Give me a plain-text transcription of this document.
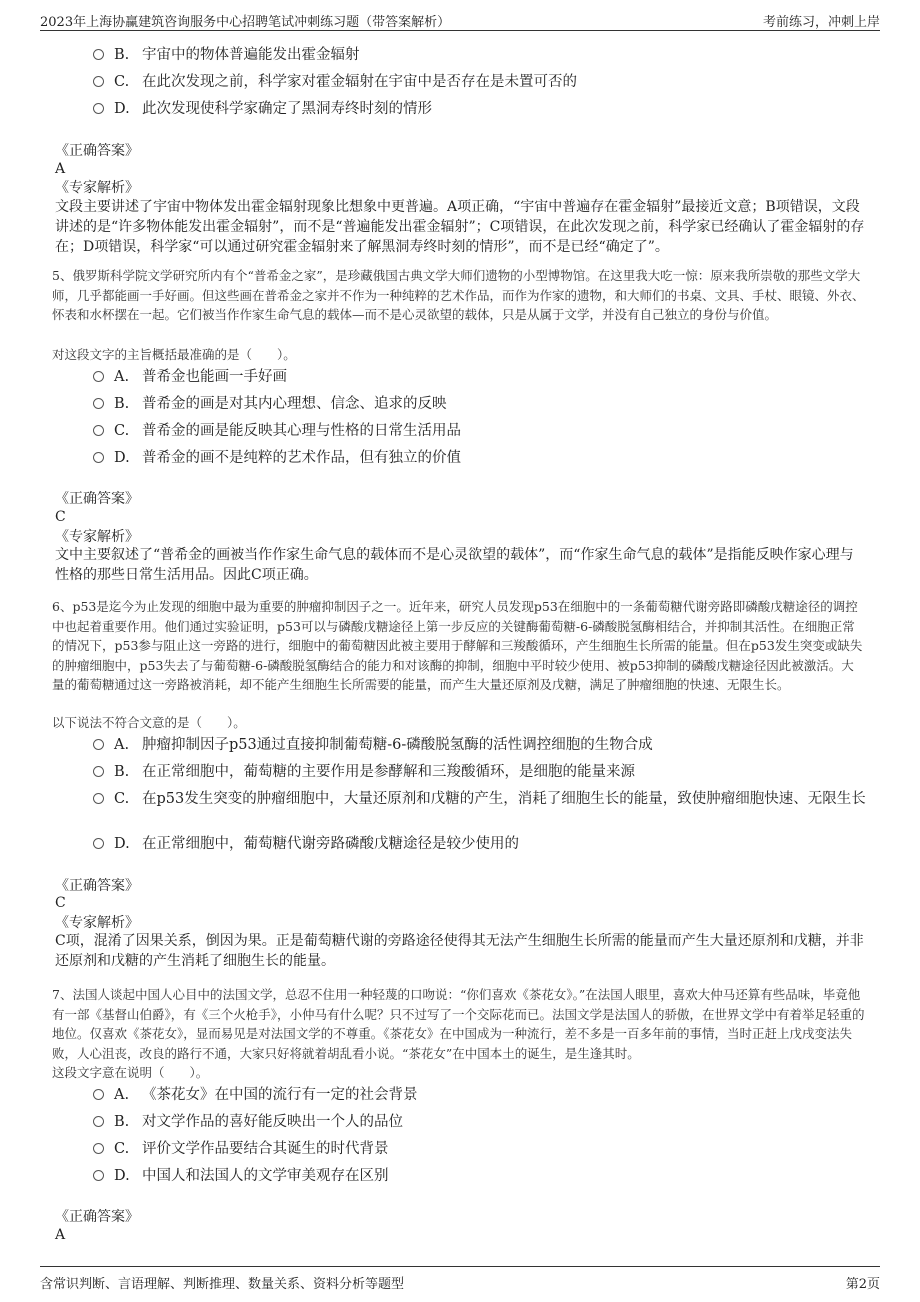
2023年上海协赢建筑咨询服务中心招聘笔试冲刺练习题（带答案解析）	考前练习，冲刺上岸
B. 宇宙中的物体普遍能发出霍金辐射
C. 在此次发现之前，科学家对霍金辐射在宇宙中是否存在是未置可否的
D. 此次发现使科学家确定了黑洞寿终时刻的情形
《正确答案》
A
《专家解析》
文段主要讲述了宇宙中物体发出霍金辐射现象比想象中更普遍。A项正确，“宇宙中普遍存在霍金辐射”最接近文意；B项错误，文段讲述的是“许多物体能发出霍金辐射”，而不是“普遍能发出霍金辐射”；C项错误，在此次发现之前，科学家已经确认了霍金辐射的存在；D项错误，科学家“可以通过研究霍金辐射来了解黑洞寿终时刻的情形”，而不是已经“确定了”。
5、俄罗斯科学院文学研究所内有个“普希金之家”，是珍藏俄国古典文学大师们遗物的小型博物馆。在这里我大吃一惊：原来我所崇敬的那些文学大师，几乎都能画一手好画。但这些画在普希金之家并不作为一种纯粹的艺术作品，而作为作家的遗物，和大师们的书桌、文具、手杖、眼镜、外衣、怀表和水杯摆在一起。它们被当作作家生命气息的载体—而不是心灵欲望的载体，只是从属于文学，并没有自己独立的身份与价值。
对这段文字的主旨概括最准确的是（　　）。
A. 普希金也能画一手好画
B. 普希金的画是对其内心理想、信念、追求的反映
C. 普希金的画是能反映其心理与性格的日常生活用品
D. 普希金的画不是纯粹的艺术作品，但有独立的价值
《正确答案》
C
《专家解析》
文中主要叙述了“普希金的画被当作作家生命气息的载体而不是心灵欲望的载体”，而“作家生命气息的载体”是指能反映作家心理与性格的那些日常生活用品。因此C项正确。
6、p53是迄今为止发现的细胞中最为重要的肿瘤抑制因子之一。近年来，研究人员发现p53在细胞中的一条葡萄糖代谢旁路即磷酸戊糖途径的调控中也起着重要作用。他们通过实验证明，p53可以与磷酸戊糖途径上第一步反应的关键酶葡萄糖-6-磷酸脱氢酶相结合，并抑制其活性。在细胞正常的情况下，p53参与阻止这一旁路的进行，细胞中的葡萄糖因此被主要用于酵解和三羧酸循环，产生细胞生长所需的能量。但在p53发生突变或缺失的肿瘤细胞中，p53失去了与葡萄糖-6-磷酸脱氢酶结合的能力和对该酶的抑制，细胞中平时较少使用、被p53抑制的磷酸戊糖途径因此被激活。大量的葡萄糖通过这一旁路被消耗，却不能产生细胞生长所需要的能量，而产生大量还原剂及戊糖，满足了肿瘤细胞的快速、无限生长。
以下说法不符合文意的是（　　）。
A. 肿瘤抑制因子p53通过直接抑制葡萄糖-6-磷酸脱氢酶的活性调控细胞的生物合成
B. 在正常细胞中，葡萄糖的主要作用是参酵解和三羧酸循环，是细胞的能量来源
C. 在p53发生突变的肿瘤细胞中，大量还原剂和戊糖的产生，消耗了细胞生长的能量，致使肿瘤细胞快速、无限生长
D. 在正常细胞中，葡萄糖代谢旁路磷酸戊糖途径是较少使用的
《正确答案》
C
《专家解析》
C项，混淆了因果关系，倒因为果。正是葡萄糖代谢的旁路途径使得其无法产生细胞生长所需的能量而产生大量还原剂和戊糖，并非还原剂和戊糖的产生消耗了细胞生长的能量。
7、法国人谈起中国人心目中的法国文学，总忍不住用一种轻蔑的口吻说：“你们喜欢《茶花女》。”在法国人眼里，喜欢大仲马还算有些品味，毕竟他有一部《基督山伯爵》，有《三个火枪手》，小仲马有什么呢？只不过写了一个交际花而已。法国文学是法国人的骄傲，在世界文学中有着举足轻重的地位。仅喜欢《茶花女》，显而易见是对法国文学的不尊重。《茶花女》在中国成为一种流行，差不多是一百多年前的事情，当时正赶上戊戌变法失败，人心沮丧，改良的路行不通，大家只好将就着胡乱看小说。“茶花女”在中国本土的诞生，是生逢其时。
这段文字意在说明（　　）。
A. 《茶花女》在中国的流行有一定的社会背景
B. 对文学作品的喜好能反映出一个人的品位
C. 评价文学作品要结合其诞生的时代背景
D. 中国人和法国人的文学审美观存在区别
《正确答案》
A
含常识判断、言语理解、判断推理、数量关系、资料分析等题型	第2页
